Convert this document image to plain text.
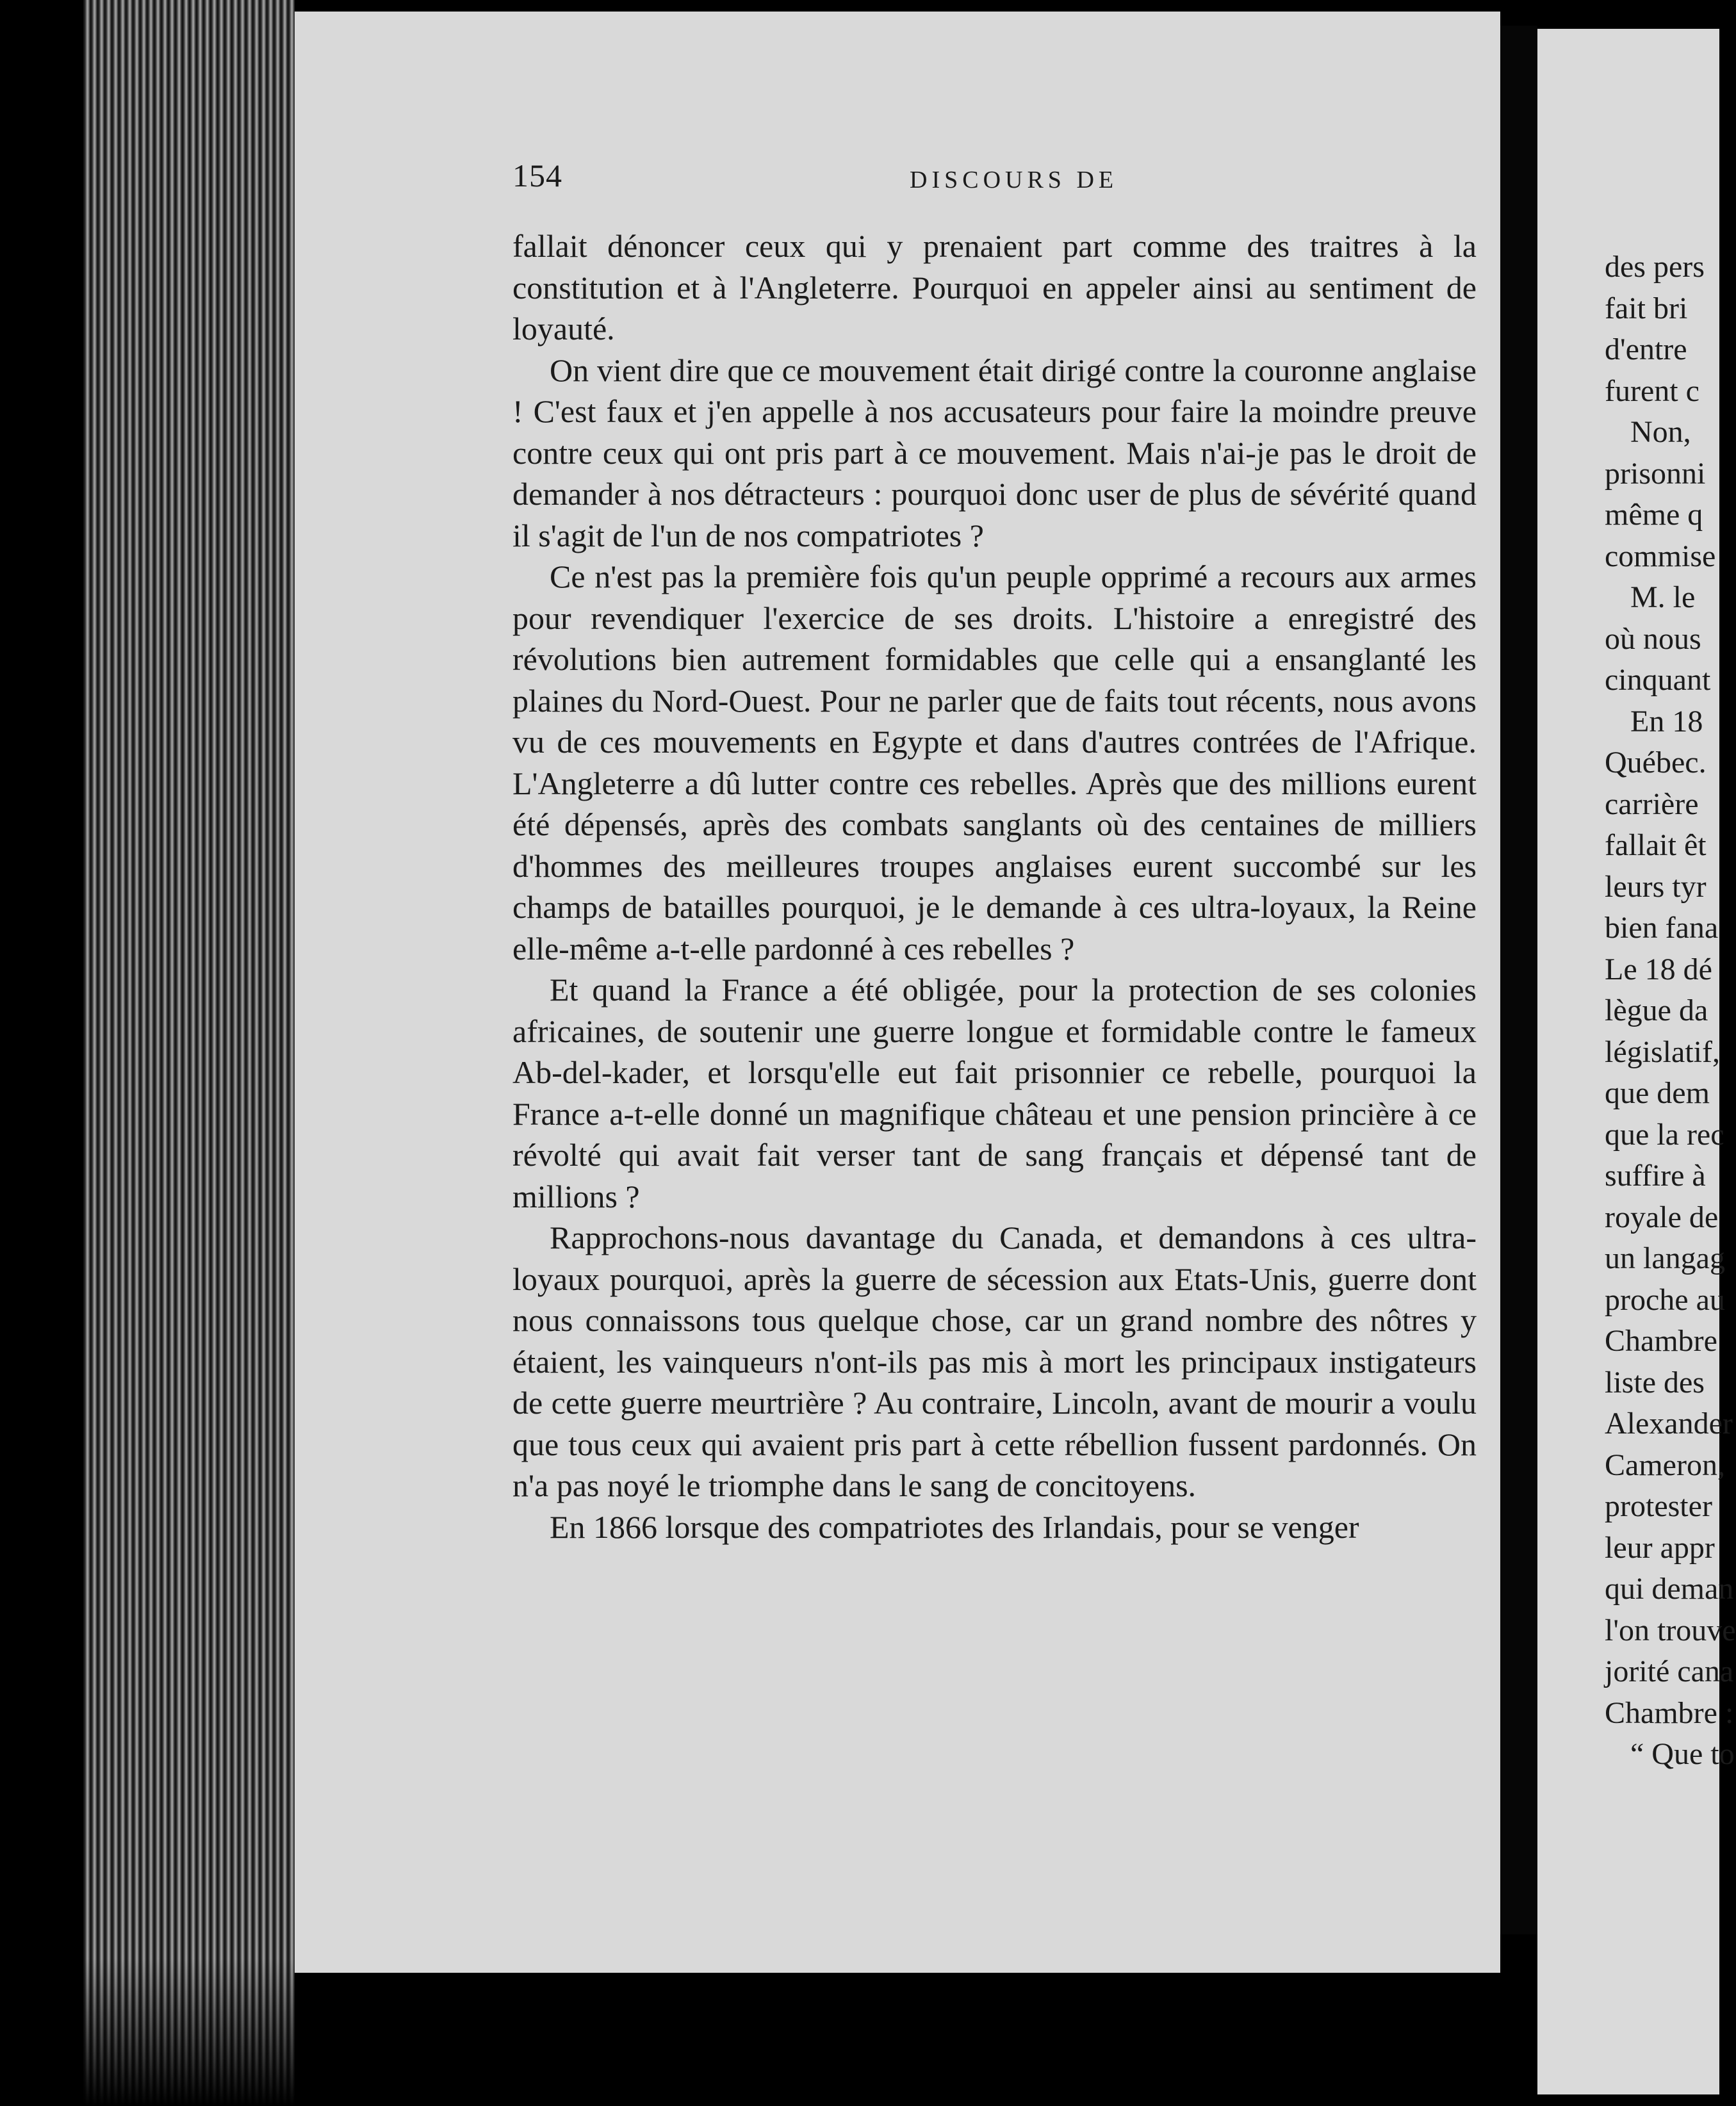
154	DISCOURS DE

fallait dénoncer ceux qui y prenaient part comme des traitres à la constitution et à l'Angleterre. Pourquoi en appeler ainsi au sentiment de loyauté.

On vient dire que ce mouvement était dirigé contre la couronne anglaise ! C'est faux et j'en appelle à nos accusateurs pour faire la moindre preuve contre ceux qui ont pris part à ce mouvement. Mais n'ai-je pas le droit de demander à nos détracteurs : pourquoi donc user de plus de sévérité quand il s'agit de l'un de nos compatriotes ?

Ce n'est pas la première fois qu'un peuple opprimé a recours aux armes pour revendiquer l'exercice de ses droits. L'histoire a enregistré des révolutions bien autrement formidables que celle qui a ensanglanté les plaines du Nord-Ouest. Pour ne parler que de faits tout récents, nous avons vu de ces mouvements en Egypte et dans d'autres contrées de l'Afrique. L'Angleterre a dû lutter contre ces rebelles. Après que des millions eurent été dépensés, après des combats sanglants où des centaines de milliers d'hommes des meilleures troupes anglaises eurent succombé sur les champs de batailles pourquoi, je le demande à ces ultra-loyaux, la Reine elle-même a-t-elle pardonné à ces rebelles ?

Et quand la France a été obligée, pour la protection de ses colonies africaines, de soutenir une guerre longue et formidable contre le fameux Ab-del-kader, et lorsqu'elle eut fait prisonnier ce rebelle, pourquoi la France a-t-elle donné un magnifique château et une pension princière à ce révolté qui avait fait verser tant de sang français et dépensé tant de millions ?

Rapprochons-nous davantage du Canada, et demandons à ces ultra-loyaux pourquoi, après la guerre de sécession aux Etats-Unis, guerre dont nous connaissons tous quelque chose, car un grand nombre des nôtres y étaient, les vainqueurs n'ont-ils pas mis à mort les principaux instigateurs de cette guerre meurtrière ? Au contraire, Lincoln, avant de mourir a voulu que tous ceux qui avaient pris part à cette rébellion fussent pardonnés. On n'a pas noyé le triomphe dans le sang de concitoyens.

En 1866 lorsque des compatriotes des Irlandais, pour se venger

des pers
fait bri
d'entre
furent c
Non,
prisonni
même q
commise
M. le
où nous
cinquant
En 18
Québec.
carrière
fallait êt
leurs tyr
bien fana
Le 18 dé
lègue da
législatif,
que dem
que la rec
suffire à
royale de
un langag
proche au
Chambre
liste des
Alexander
Cameron,
protester
leur appr
qui deman
l'on trouve
jorité cana
Chambre :
“ Que to
